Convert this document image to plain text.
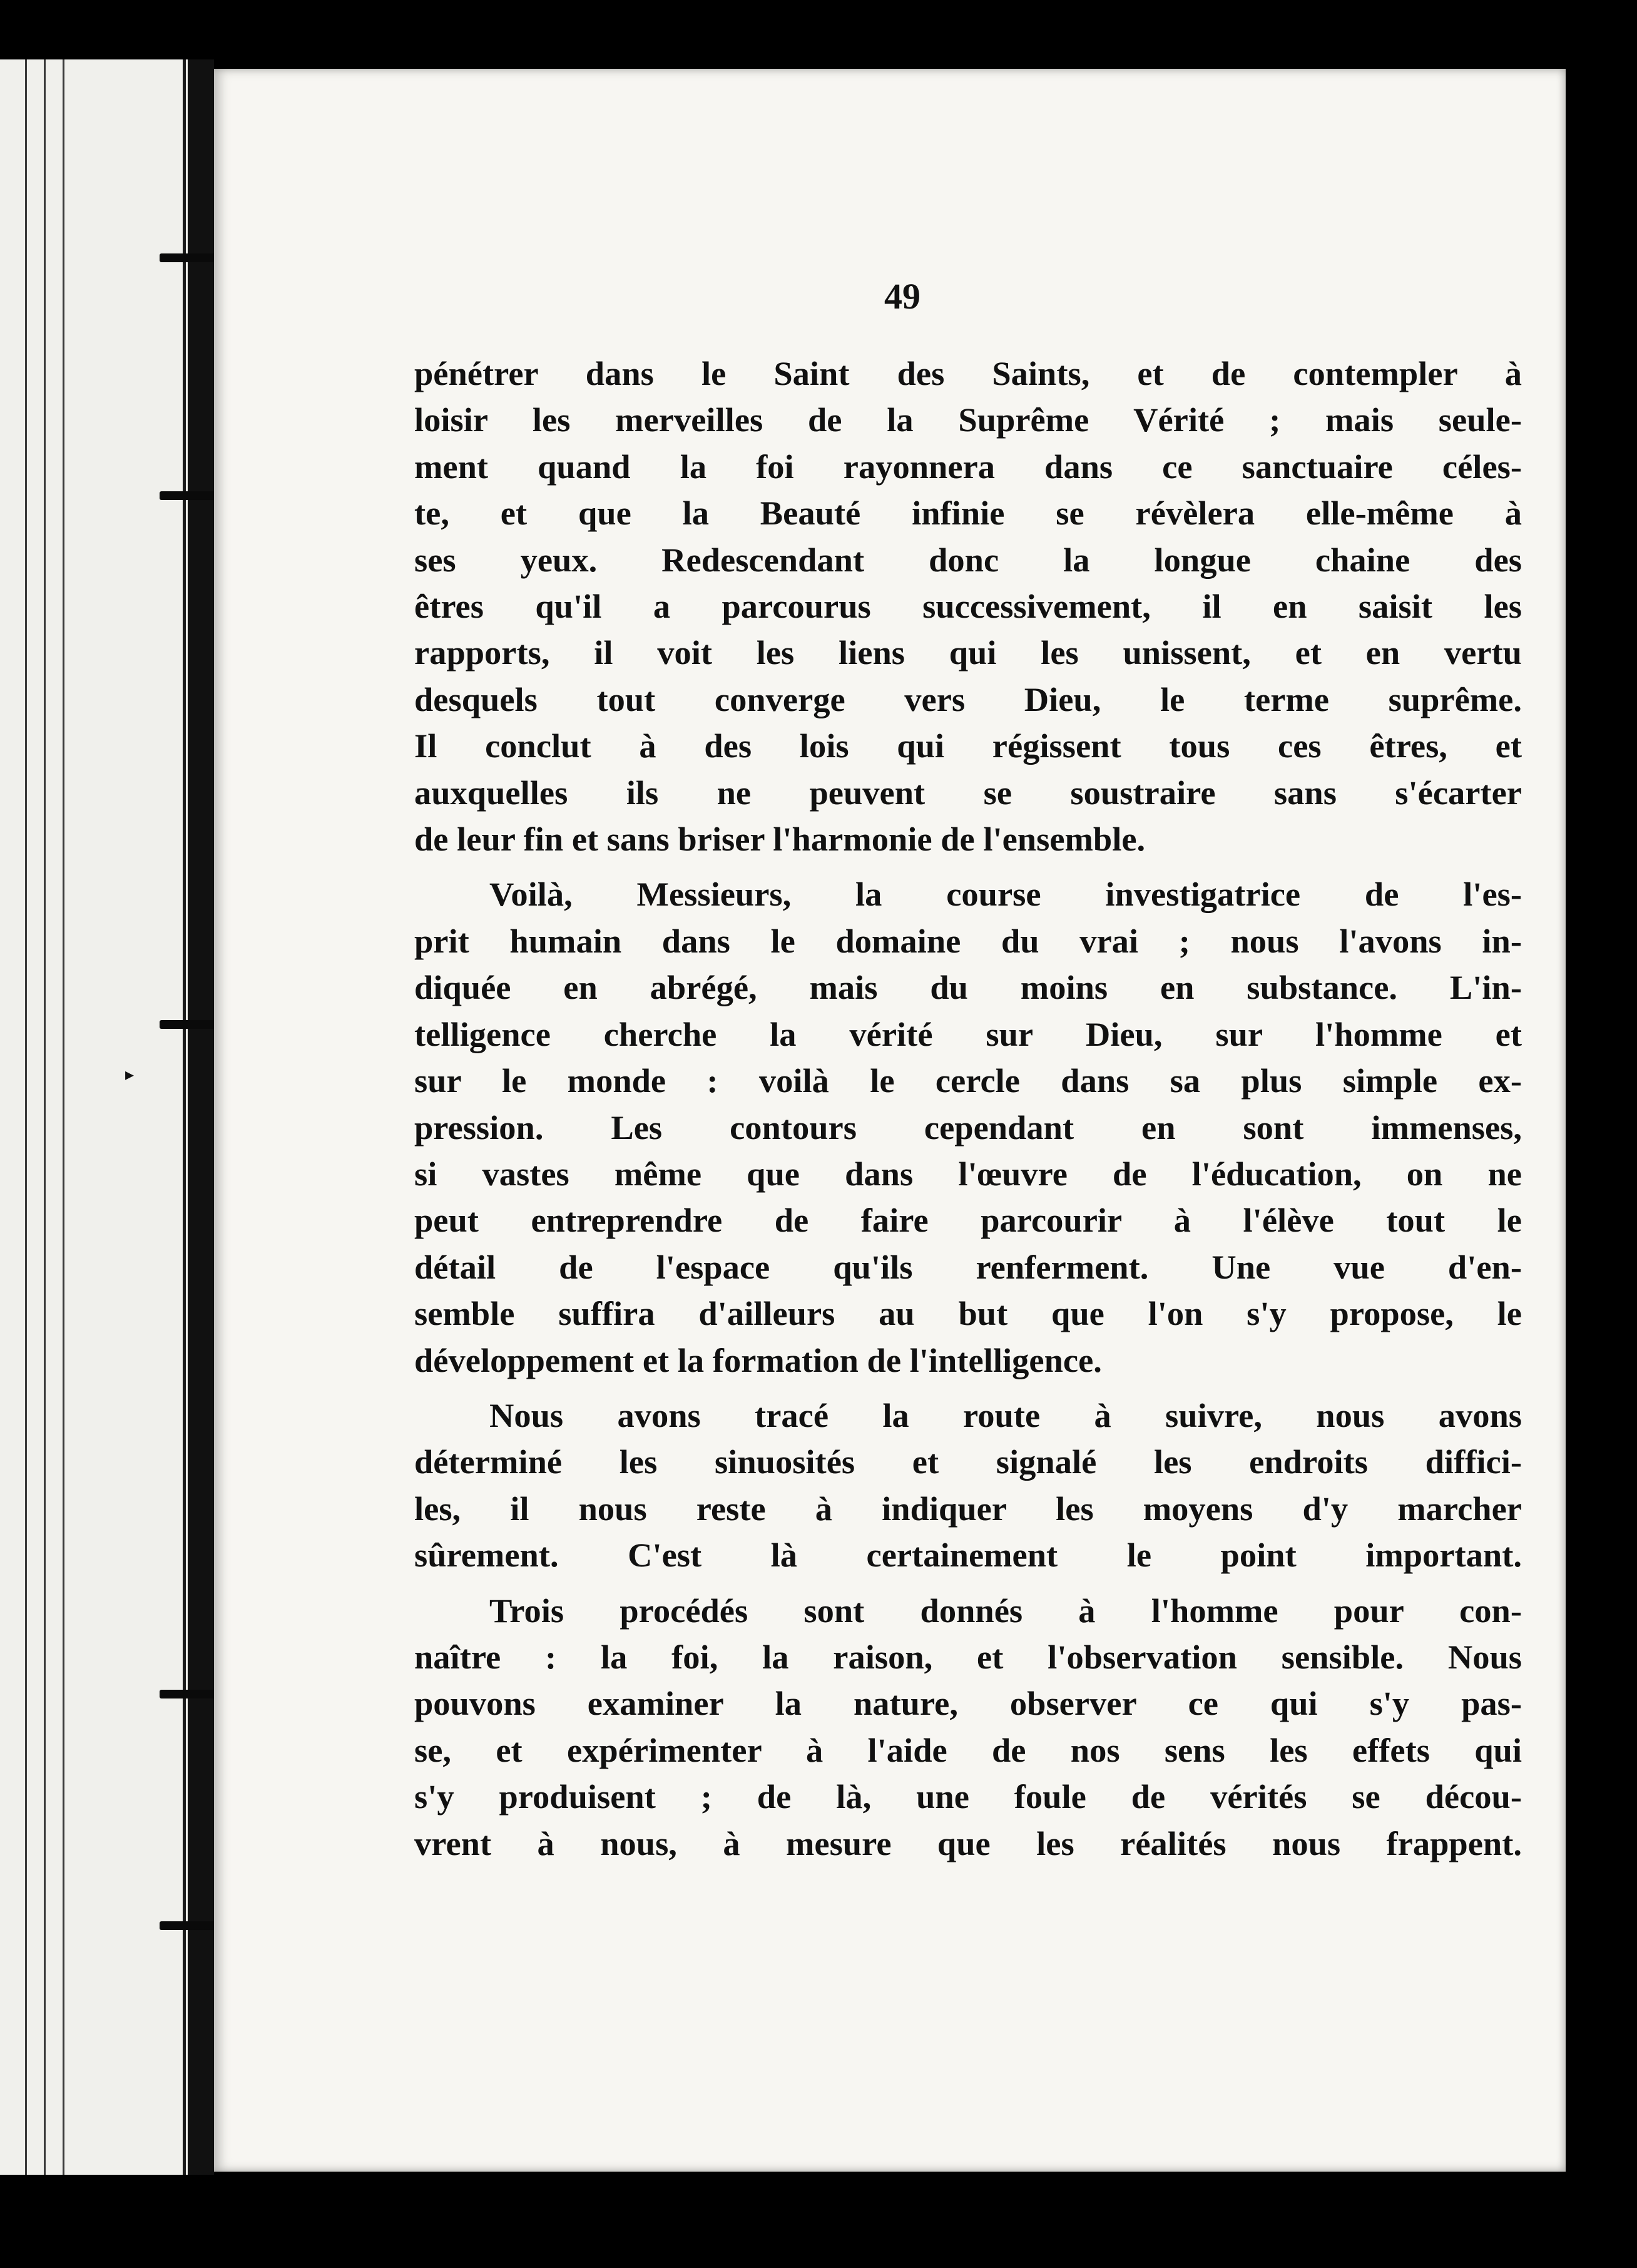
▸
49
pénétrer dans le Saint des Saints, et de contempler à
loisir les merveilles de la Suprême Vérité ; mais seule-
ment quand la foi rayonnera dans ce sanctuaire céles-
te, et que la Beauté infinie se révèlera elle-même à
ses yeux. Redescendant donc la longue chaine des
êtres qu'il a parcourus successivement, il en saisit les
rapports, il voit les liens qui les unissent, et en vertu
desquels tout converge vers Dieu, le terme suprême.
Il conclut à des lois qui régissent tous ces êtres, et
auxquelles ils ne peuvent se soustraire sans s'écarter
de leur fin et sans briser l'harmonie de l'ensemble.
Voilà, Messieurs, la course investigatrice de l'es-
prit humain dans le domaine du vrai ; nous l'avons in-
diquée en abrégé, mais du moins en substance. L'in-
telligence cherche la vérité sur Dieu, sur l'homme et
sur le monde : voilà le cercle dans sa plus simple ex-
pression. Les contours cependant en sont immenses,
si vastes même que dans l'œuvre de l'éducation, on ne
peut entreprendre de faire parcourir à l'élève tout le
détail de l'espace qu'ils renferment. Une vue d'en-
semble suffira d'ailleurs au but que l'on s'y propose, le
développement et la formation de l'intelligence.
Nous avons tracé la route à suivre, nous avons
déterminé les sinuosités et signalé les endroits diffici-
les, il nous reste à indiquer les moyens d'y marcher
sûrement. C'est là certainement le point important.
Trois procédés sont donnés à l'homme pour con-
naître : la foi, la raison, et l'observation sensible. Nous
pouvons examiner la nature, observer ce qui s'y pas-
se, et expérimenter à l'aide de nos sens les effets qui
s'y produisent ; de là, une foule de vérités se décou-
vrent à nous, à mesure que les réalités nous frappent.
